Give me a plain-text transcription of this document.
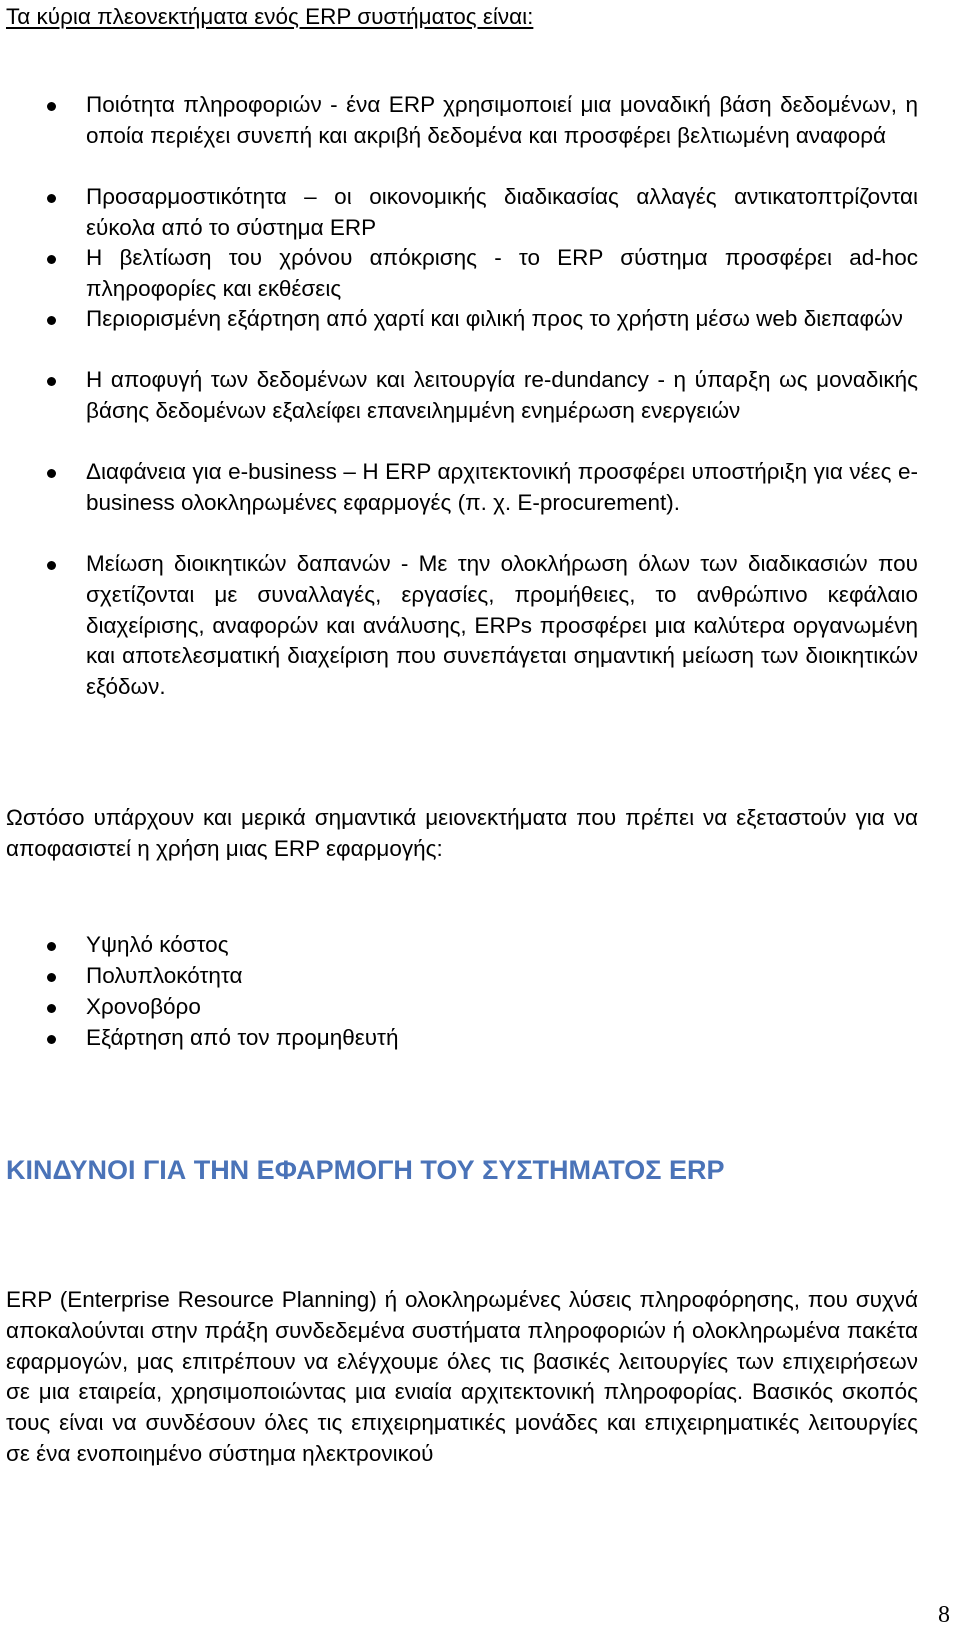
Τα κύρια πλεονεκτήματα ενός ERP συστήματος είναι:
Ποιότητα πληροφοριών - ένα ERP χρησιμοποιεί μια μοναδική βάση δεδομένων, η οποία περιέχει συνεπή και ακριβή δεδομένα και προσφέρει βελτιωμένη αναφορά
Προσαρμοστικότητα – οι οικονομικής διαδικασίας αλλαγές αντικατοπτρίζονται εύκολα από το σύστημα ERP
Η βελτίωση του χρόνου απόκρισης - το ERP σύστημα προσφέρει ad-hoc πληροφορίες και εκθέσεις
Περιορισμένη εξάρτηση από χαρτί και φιλική προς το χρήστη μέσω web διεπαφών
Η αποφυγή των δεδομένων και λειτουργία re-dundancy - η ύπαρξη ως μοναδικής βάσης δεδομένων εξαλείφει επανειλημμένη ενημέρωση ενεργειών
Διαφάνεια για e-business – Η ERP αρχιτεκτονική προσφέρει υποστήριξη για νέες e-business ολοκληρωμένες εφαρμογές (π. χ. E-procurement).
Μείωση διοικητικών δαπανών - Με την ολοκλήρωση όλων των διαδικασιών που σχετίζονται με συναλλαγές, εργασίες, προμήθειες, το ανθρώπινο κεφάλαιο διαχείρισης, αναφορών και ανάλυσης, ERPs προσφέρει μια καλύτερα οργανωμένη και αποτελεσματική διαχείριση που συνεπάγεται σημαντική μείωση των διοικητικών εξόδων.

Ωστόσο υπάρχουν και μερικά σημαντικά μειονεκτήματα που πρέπει να εξεταστούν για να αποφασιστεί η χρήση μιας ERP εφαρμογής:

Υψηλό κόστος
Πολυπλοκότητα
Χρονοβόρο
Εξάρτηση από τον προμηθευτή
ΚΙΝΔΥΝΟΙ ΓΙΑ ΤΗΝ ΕΦΑΡΜΟΓΗ ΤΟΥ ΣΥΣΤΗΜΑΤΟΣ ERP

ERP (Enterprise Resource Planning) ή ολοκληρωμένες λύσεις πληροφόρησης, που συχνά αποκαλούνται στην πράξη συνδεδεμένα συστήματα πληροφοριών ή ολοκληρωμένα πακέτα εφαρμογών, μας επιτρέπουν να ελέγχουμε όλες τις βασικές λειτουργίες των επιχειρήσεων σε μια εταιρεία, χρησιμοποιώντας μια ενιαία αρχιτεκτονική πληροφορίας. Βασικός σκοπός τους είναι να συνδέσουν όλες τις επιχειρηματικές μονάδες και επιχειρηματικές λειτουργίες σε ένα ενοποιημένο σύστημα ηλεκτρονικού

8
